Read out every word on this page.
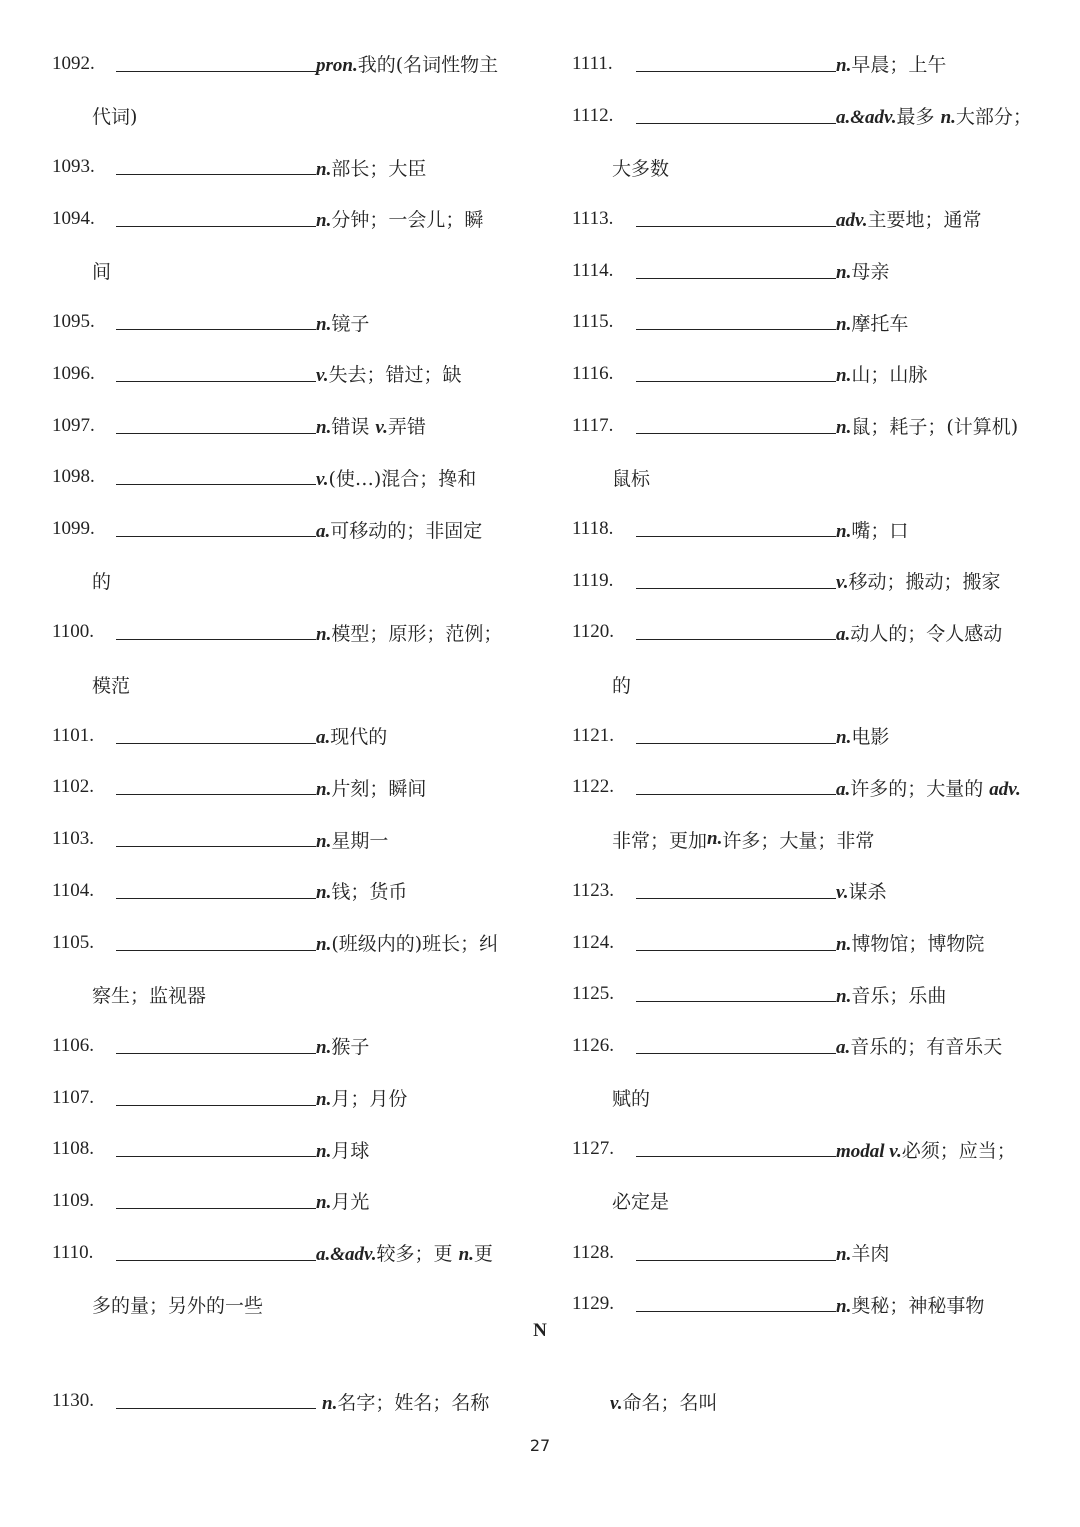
1092.	pron.我的(名词性物主
代词)
1093.	n.部长；大臣
1094.	n.分钟；一会儿；瞬
间
1095.	n.镜子
1096.	v.失去；错过；缺
1097.	n.错误 v.弄错
1098.	v.(使…)混合；搀和
1099.	a.可移动的；非固定
的
1100.	n.模型；原形；范例；
模范
1101.	a.现代的
1102.	n.片刻；瞬间
1103.	n.星期一
1104.	n.钱；货币
1105.	n.(班级内的)班长；纠
察生；监视器
1106.	n.猴子
1107.	n.月；月份
1108.	n.月球
1109.	n.月光
1110.	a.&adv.较多；更 n.更
多的量；另外的一些
1111.	n.早晨；上午
1112.	a.&adv.最多 n.大部分；
大多数
1113.	adv.主要地；通常
1114.	n.母亲
1115.	n.摩托车
1116.	n.山；山脉
1117.	n.鼠；耗子；(计算机)
鼠标
1118.	n.嘴；口
1119.	v.移动；搬动；搬家
1120.	a.动人的；令人感动
的
1121.	n.电影
1122.	a.许多的；大量的 adv.
非常；更加 n. 许多；大量；非常
1123.	v.谋杀
1124.	n.博物馆；博物院
1125.	n.音乐；乐曲
1126.	a.音乐的；有音乐天
赋的
1127.	modal v.必须；应当；
必定是
1128.	n.羊肉
1129.	n.奥秘；神秘事物
N
1130.	n.名字；姓名；名称	v.命名；名叫
27
